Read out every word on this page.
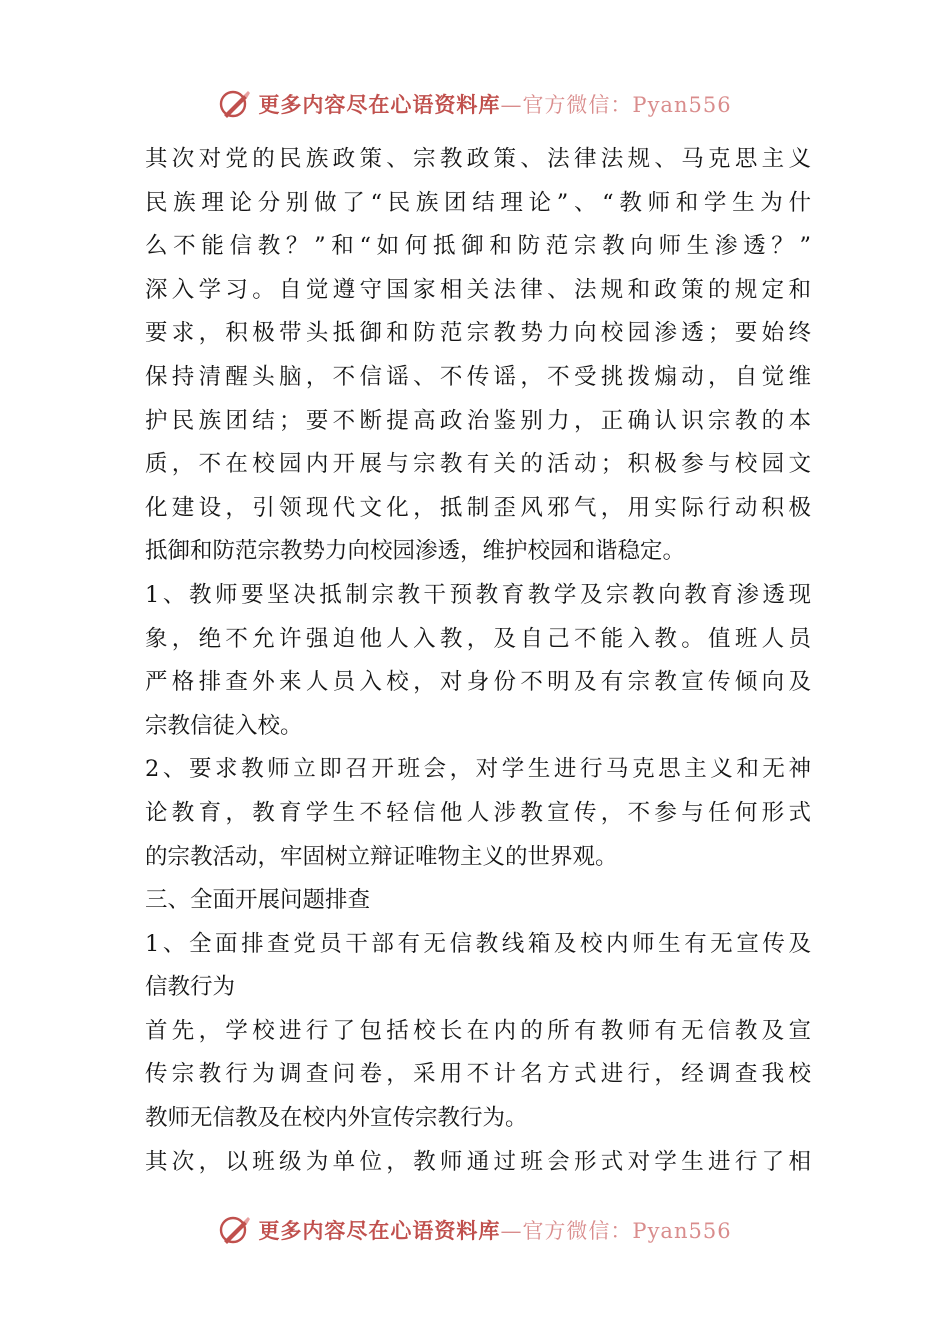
更多内容尽在心语资料库—官方微信：Pyan556
其次对党的民族政策、宗教政策、法律法规、马克思主义
民族理论分别做了“民族团结理论”、“教师和学生为什
么不能信教？”和“如何抵御和防范宗教向师生渗透？”
深入学习。自觉遵守国家相关法律、法规和政策的规定和
要求，积极带头抵御和防范宗教势力向校园渗透；要始终
保持清醒头脑，不信谣、不传谣，不受挑拨煽动，自觉维
护民族团结；要不断提高政治鉴别力，正确认识宗教的本
质，不在校园内开展与宗教有关的活动；积极参与校园文
化建设，引领现代文化，抵制歪风邪气，用实际行动积极
抵御和防范宗教势力向校园渗透，维护校园和谐稳定。
1、教师要坚决抵制宗教干预教育教学及宗教向教育渗透现
象，绝不允许强迫他人入教，及自己不能入教。值班人员
严格排查外来人员入校，对身份不明及有宗教宣传倾向及
宗教信徒入校。
2、要求教师立即召开班会，对学生进行马克思主义和无神
论教育，教育学生不轻信他人涉教宣传，不参与任何形式
的宗教活动，牢固树立辩证唯物主义的世界观。
三、全面开展问题排查
1、全面排查党员干部有无信教线箱及校内师生有无宣传及
信教行为
首先，学校进行了包括校长在内的所有教师有无信教及宣
传宗教行为调查问卷，采用不计名方式进行，经调查我校
教师无信教及在校内外宣传宗教行为。
其次，以班级为单位，教师通过班会形式对学生进行了相
更多内容尽在心语资料库—官方微信：Pyan556
